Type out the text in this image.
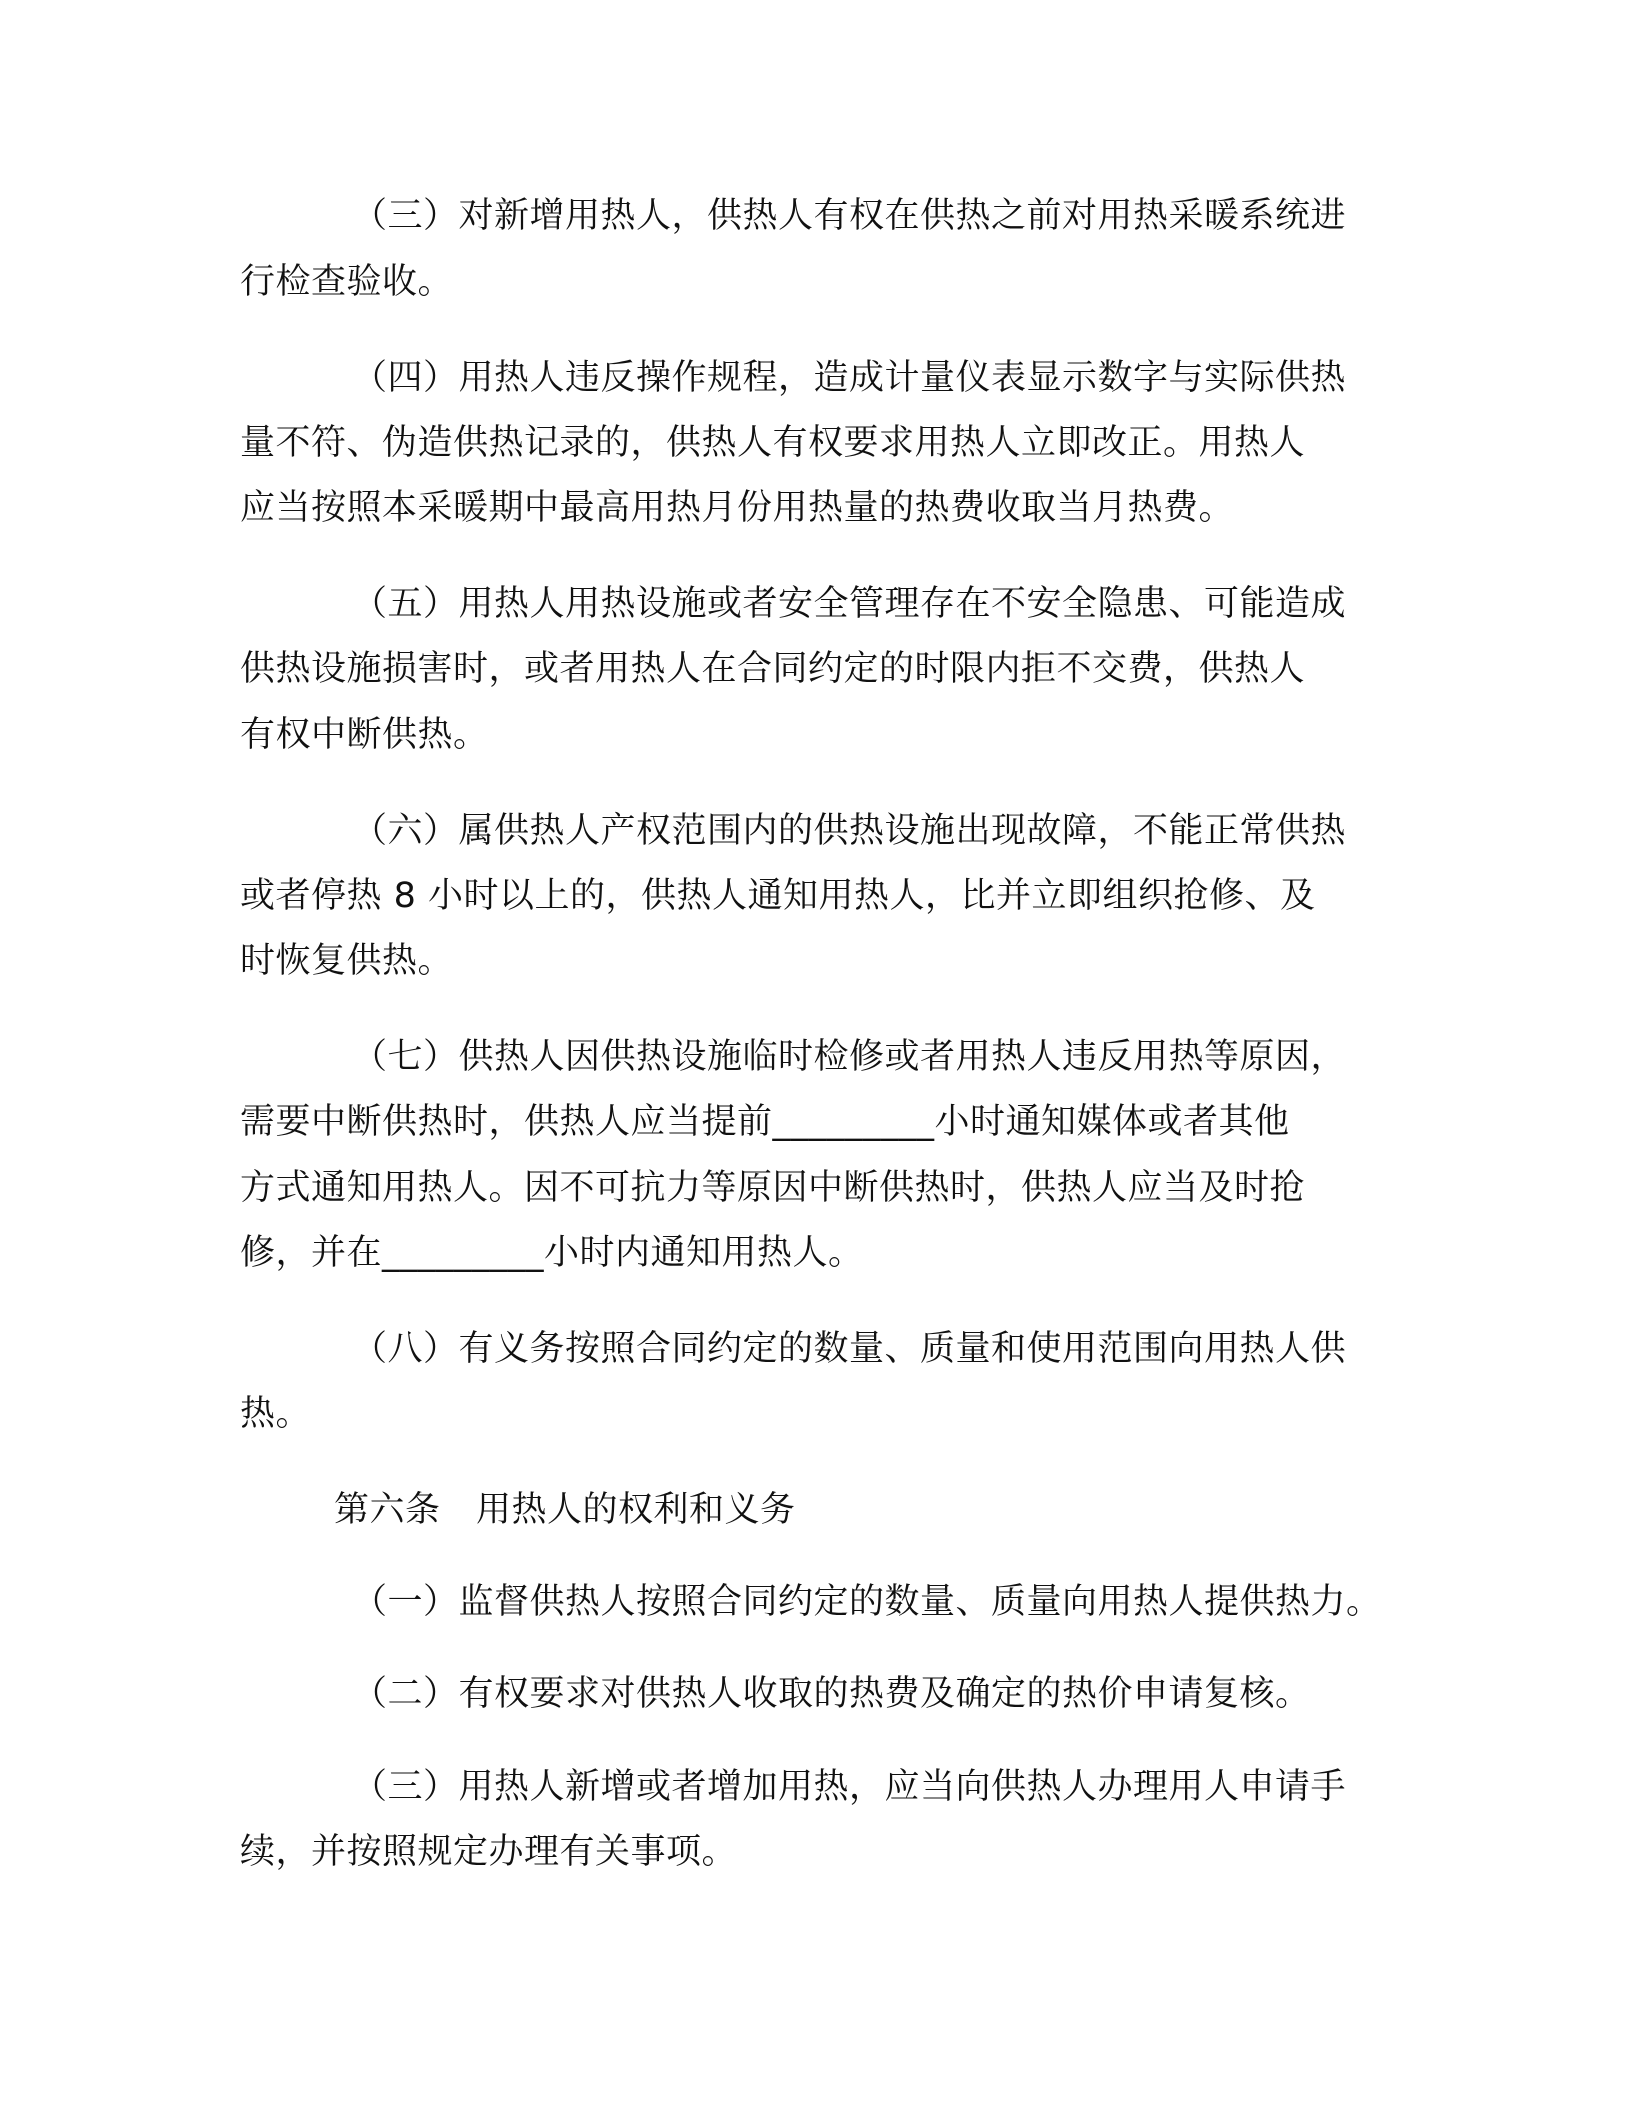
（三）对新增用热人，供热人有权在供热之前对用热采暖系统进
行检查验收。
（四）用热人违反操作规程，造成计量仪表显示数字与实际供热
量不符、伪造供热记录的，供热人有权要求用热人立即改正。用热人
应当按照本采暖期中最高用热月份用热量的热费收取当月热费。
（五）用热人用热设施或者安全管理存在不安全隐患、可能造成
供热设施损害时，或者用热人在合同约定的时限内拒不交费，供热人
有权中断供热。
（六）属供热人产权范围内的供热设施出现故障，不能正常供热
或者停热 8 小时以上的，供热人通知用热人，比并立即组织抢修、及
时恢复供热。
（七）供热人因供热设施临时检修或者用热人违反用热等原因，
需要中断供热时，供热人应当提前_________小时通知媒体或者其他
方式通知用热人。因不可抗力等原因中断供热时，供热人应当及时抢
修，并在_________小时内通知用热人。
（八）有义务按照合同约定的数量、质量和使用范围向用热人供
热。
第六条　用热人的权利和义务
（一）监督供热人按照合同约定的数量、质量向用热人提供热力。
（二）有权要求对供热人收取的热费及确定的热价申请复核。
（三）用热人新增或者增加用热，应当向供热人办理用人申请手
续，并按照规定办理有关事项。
